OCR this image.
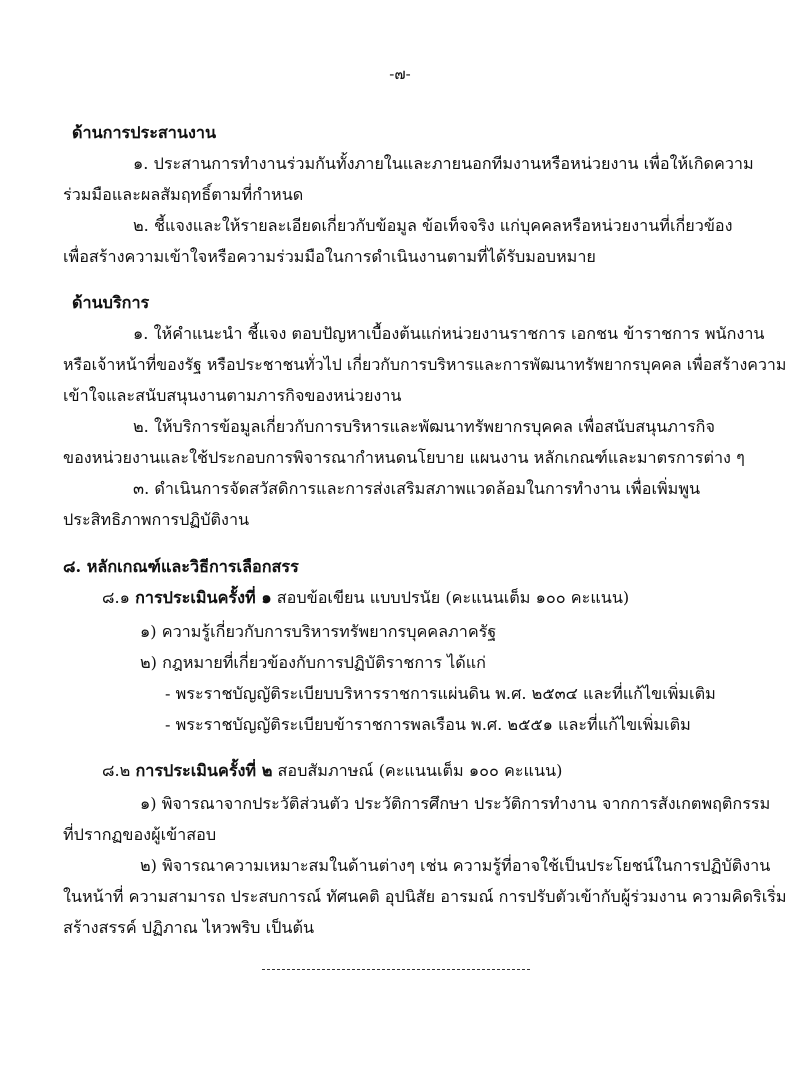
-๗-
ด้านการประสานงาน
๑. ประสานการทำงานร่วมกันทั้งภายในและภายนอกทีมงานหรือหน่วยงาน เพื่อให้เกิดความ
ร่วมมือและผลสัมฤทธิ์ตามที่กำหนด
๒. ชี้แจงและให้รายละเอียดเกี่ยวกับข้อมูล ข้อเท็จจริง แก่บุคคลหรือหน่วยงานที่เกี่ยวข้อง
เพื่อสร้างความเข้าใจหรือความร่วมมือในการดำเนินงานตามที่ได้รับมอบหมาย
ด้านบริการ
๑. ให้คำแนะนำ ชี้แจง ตอบปัญหาเบื้องต้นแก่หน่วยงานราชการ เอกชน ข้าราชการ พนักงาน
หรือเจ้าหน้าที่ของรัฐ หรือประชาชนทั่วไป เกี่ยวกับการบริหารและการพัฒนาทรัพยากรบุคคล เพื่อสร้างความ
เข้าใจและสนับสนุนงานตามภารกิจของหน่วยงาน
๒. ให้บริการข้อมูลเกี่ยวกับการบริหารและพัฒนาทรัพยากรบุคคล เพื่อสนับสนุนภารกิจ
ของหน่วยงานและใช้ประกอบการพิจารณากำหนดนโยบาย แผนงาน หลักเกณฑ์และมาตรการต่าง ๆ
๓. ดำเนินการจัดสวัสดิการและการส่งเสริมสภาพแวดล้อมในการทำงาน เพื่อเพิ่มพูน
ประสิทธิภาพการปฏิบัติงาน
๘. หลักเกณฑ์และวิธีการเลือกสรร
๘.๑ การประเมินครั้งที่ ๑ สอบข้อเขียน แบบปรนัย (คะแนนเต็ม ๑๐๐ คะแนน)
๑) ความรู้เกี่ยวกับการบริหารทรัพยากรบุคคลภาครัฐ
๒) กฎหมายที่เกี่ยวข้องกับการปฏิบัติราชการ ได้แก่
- พระราชบัญญัติระเบียบบริหารราชการแผ่นดิน พ.ศ. ๒๕๓๔ และที่แก้ไขเพิ่มเติม
- พระราชบัญญัติระเบียบข้าราชการพลเรือน พ.ศ. ๒๕๕๑ และที่แก้ไขเพิ่มเติม
๘.๒ การประเมินครั้งที่ ๒ สอบสัมภาษณ์ (คะแนนเต็ม ๑๐๐ คะแนน)
๑) พิจารณาจากประวัติส่วนตัว ประวัติการศึกษา ประวัติการทำงาน จากการสังเกตพฤติกรรม
ที่ปรากฏของผู้เข้าสอบ
๒) พิจารณาความเหมาะสมในด้านต่างๆ เช่น ความรู้ที่อาจใช้เป็นประโยชน์ในการปฏิบัติงาน
ในหน้าที่ ความสามารถ ประสบการณ์ ทัศนคติ อุปนิสัย อารมณ์ การปรับตัวเข้ากับผู้ร่วมงาน ความคิดริเริ่ม
สร้างสรรค์ ปฏิภาณ ไหวพริบ เป็นต้น
